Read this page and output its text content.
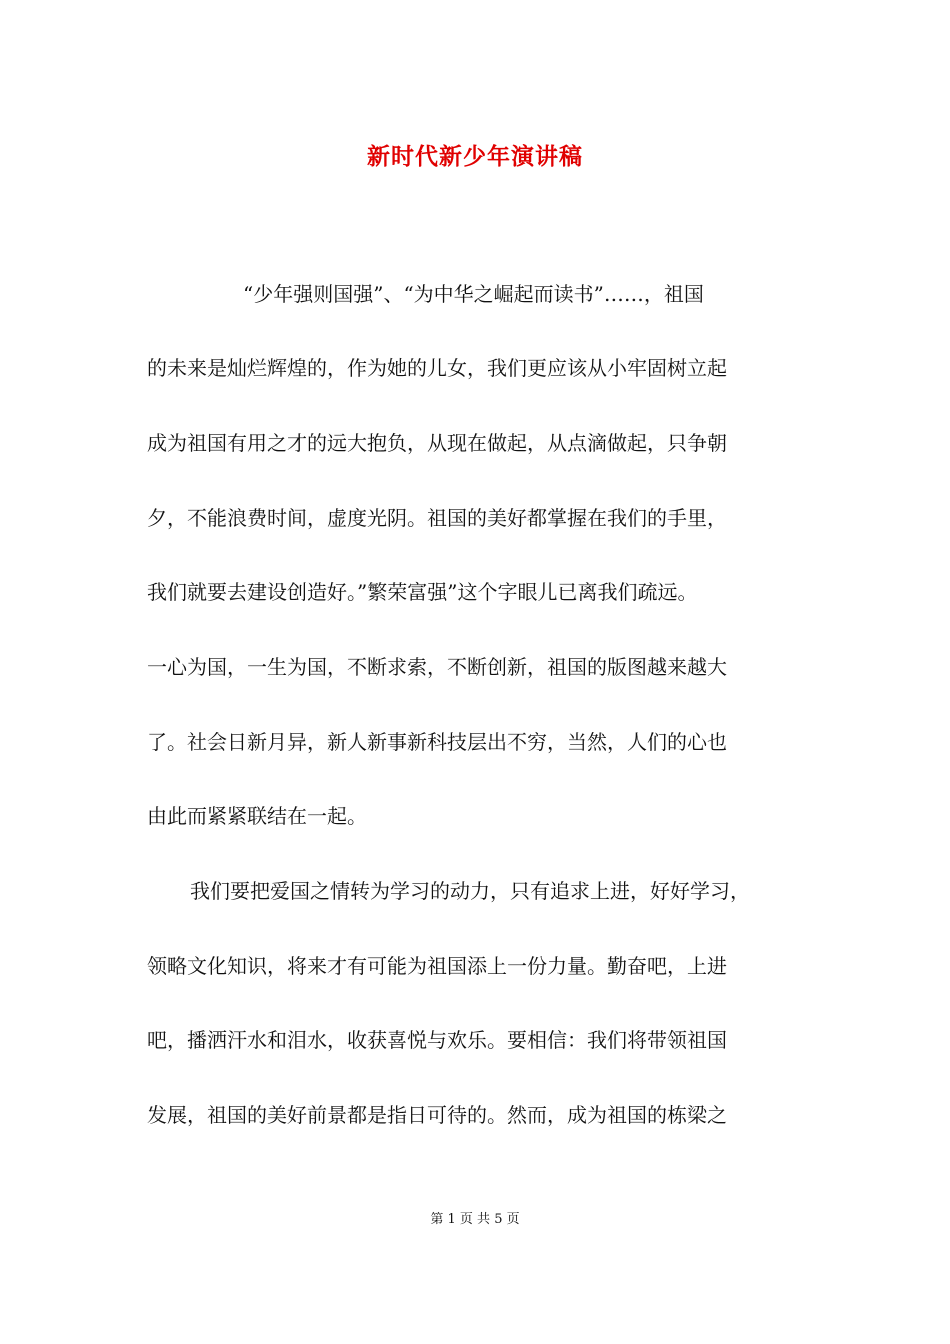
新时代新少年演讲稿
“少年强则国强”、“为中华之崛起而读书”……，祖国
的未来是灿烂辉煌的，作为她的儿女，我们更应该从小牢固树立起
成为祖国有用之才的远大抱负，从现在做起，从点滴做起，只争朝
夕，不能浪费时间，虚度光阴。祖国的美好都掌握在我们的手里，
我们就要去建设创造好。”繁荣富强”这个字眼儿已离我们疏远。
一心为国，一生为国，不断求索，不断创新，祖国的版图越来越大
了。社会日新月异，新人新事新科技层出不穷，当然，人们的心也
由此而紧紧联结在一起。
我们要把爱国之情转为学习的动力，只有追求上进，好好学习，
领略文化知识，将来才有可能为祖国添上一份力量。勤奋吧，上进
吧，播洒汗水和泪水，收获喜悦与欢乐。要相信：我们将带领祖国
发展，祖国的美好前景都是指日可待的。然而，成为祖国的栋梁之
第 1 页 共 5 页
